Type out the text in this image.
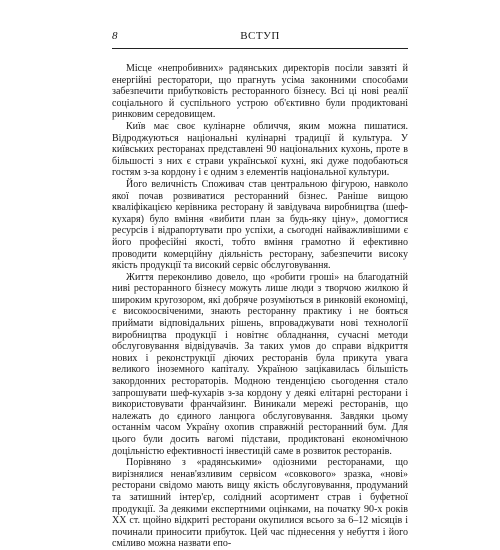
8	ВСТУП

Місце «непробивних» радянських директорів посіли завзяті й енергійні ресторатори, що прагнуть усіма законними способами забезпечити прибутковість ресторанного бізнесу. Всі ці нові реалії соціального й суспільного устрою об'єктивно були продиктовані ринковим середовищем.

Київ має своє кулінарне обличчя, яким можна пишатися. Відроджуються національні кулінарні традиції й культура. У київських ресторанах представлені 90 національних кухонь, проте в більшості з них є страви української кухні, які дуже подобаються гостям з-за кордону і є одним з елементів національної культури.

Його величність Споживач став центральною фігурою, навколо якої почав розвиватися ресторанний бізнес. Раніше вищою кваліфікацією керівника ресторану й завідувача виробництва (шеф-кухаря) було вміння «вибити план за будь-яку ціну», домогтися ресурсів і відрапортувати про успіхи, а сьогодні найважливішими є його професійні якості, тобто вміння грамотно й ефективно проводити комерційну діяльність ресторану, забезпечити високу якість продукції та високий сервіс обслуговування.

Життя переконливо довело, що «робити гроші» на благодатній ниві ресторанного бізнесу можуть лише люди з творчою жилкою й широким кругозором, які добряче розуміються в ринковій економіці, є високоосвіченими, знають ресторанну практику і не бояться приймати відповідальних рішень, впроваджувати нові технології виробництва продукції і новітнє обладнання, сучасні методи обслуговування відвідувачів. За таких умов до справи відкриття нових і реконструкції діючих ресторанів була прикута увага великого іноземного капіталу. Україною зацікавилась більшість закордонних рестораторів. Модною тенденцією сьогодення стало запрошувати шеф-кухарів з-за кордону у деякі елітарні ресторани і використовувати франчайзинг. Виникали мережі ресторанів, що належать до єдиного ланцюга обслуговування. Завдяки цьому останнім часом Україну охопив справжній ресторанний бум. Для цього були досить вагомі підстави, продиктовані економічною доцільністю ефективності інвестицій саме в розвиток ресторанів.

Порівняно з «радянськими» одіозними ресторанами, що вирізнялися ненав'язливим сервісом «совкового» зразка, «нові» ресторани свідомо мають вищу якість обслуговування, продуманий та затишний інтер'єр, солідний асортимент страв і буфетної продукції. За деякими експертними оцінками, на початку 90-х років XX ст. щойно відкриті ресторани окупилися всього за 6–12 місяців і починали приносити прибуток. Цей час піднесення у небуття і його сміливо можна назвати епо-
